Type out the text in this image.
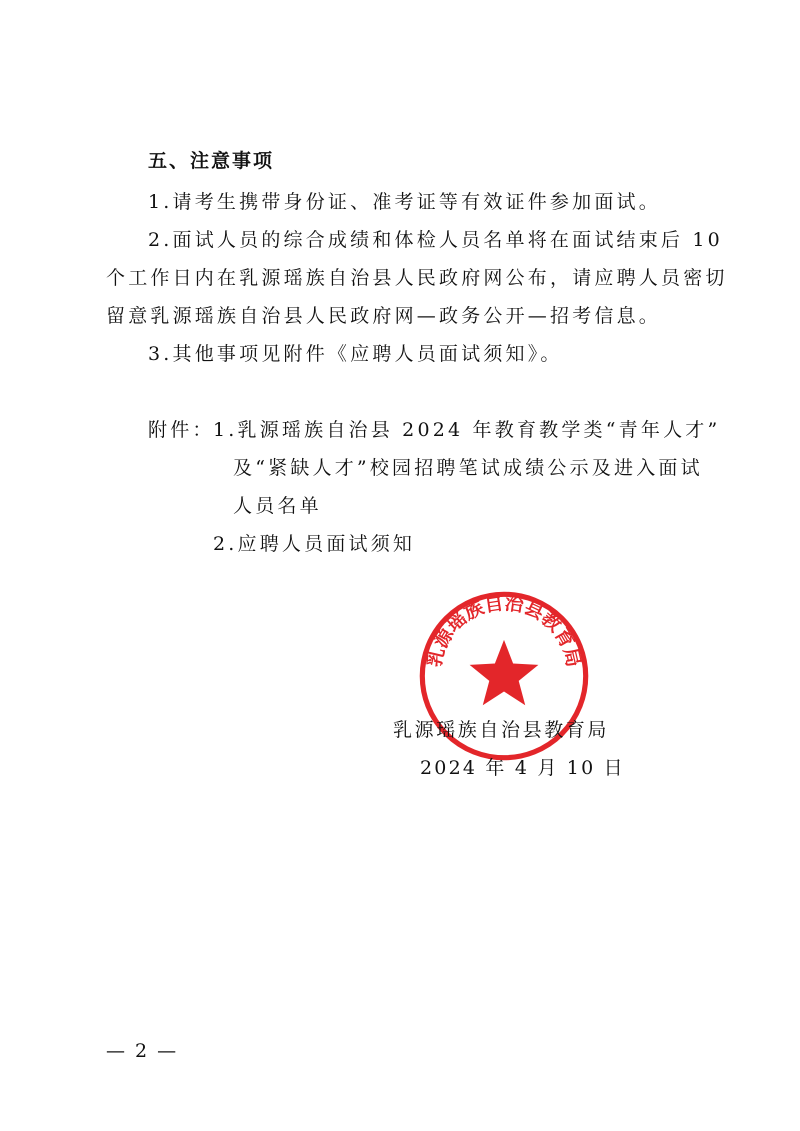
五、注意事项
1.请考生携带身份证、准考证等有效证件参加面试。
2.面试人员的综合成绩和体检人员名单将在面试结束后 10
个工作日内在乳源瑶族自治县人民政府网公布，请应聘人员密切
留意乳源瑶族自治县人民政府网—政务公开—招考信息。
3.其他事项见附件《应聘人员面试须知》。
附件：
1.乳源瑶族自治县 2024 年教育教学类“青年人才”
及“紧缺人才”校园招聘笔试成绩公示及进入面试
人员名单
2.应聘人员面试须知
乳源瑶族自治县教育局
乳源瑶族自治县教育局
2024 年 4 月 10 日
— 2 —
